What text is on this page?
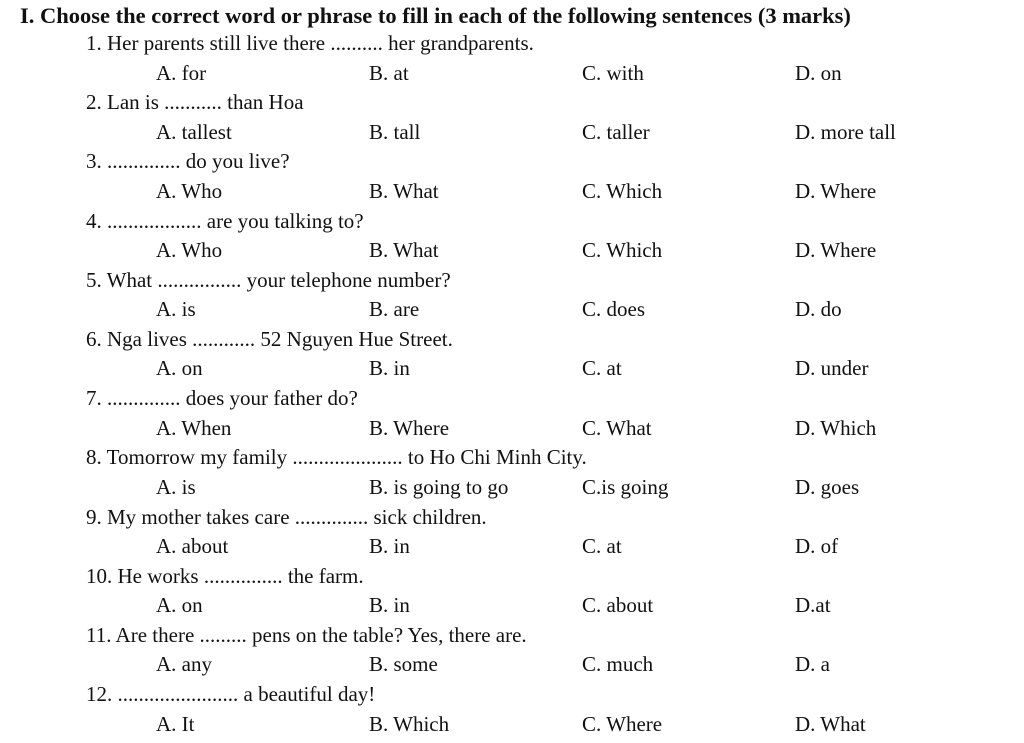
I. Choose the correct word or phrase to fill in each of the following sentences (3 marks)
1. Her parents still live there .......... her grandparents.
A. for	B. at	C. with	D. on
2. Lan is ........... than Hoa
A. tallest	B. tall	C. taller	D. more tall
3. .............. do you live?
A. Who	B. What	C. Which	D. Where
4. .................. are you talking to?
A. Who	B. What	C. Which	D. Where
5. What ................ your telephone number?
A. is	B. are	C. does	D. do
6. Nga lives ............ 52 Nguyen Hue Street.
A. on	B. in	C. at	D. under
7. .............. does your father do?
A. When	B. Where	C. What	D. Which
8. Tomorrow my family ..................... to Ho Chi Minh City.
A. is	B. is going to go	C.is going	D. goes
9. My mother takes care .............. sick children.
A. about	B. in	C. at	D. of
10. He works ............... the farm.
A. on	B. in	C. about	D.at
11. Are there ......... pens on the table? Yes, there are.
A. any	B. some	C. much	D. a
12. ....................... a beautiful day!
A. It	B. Which	C. Where	D. What
